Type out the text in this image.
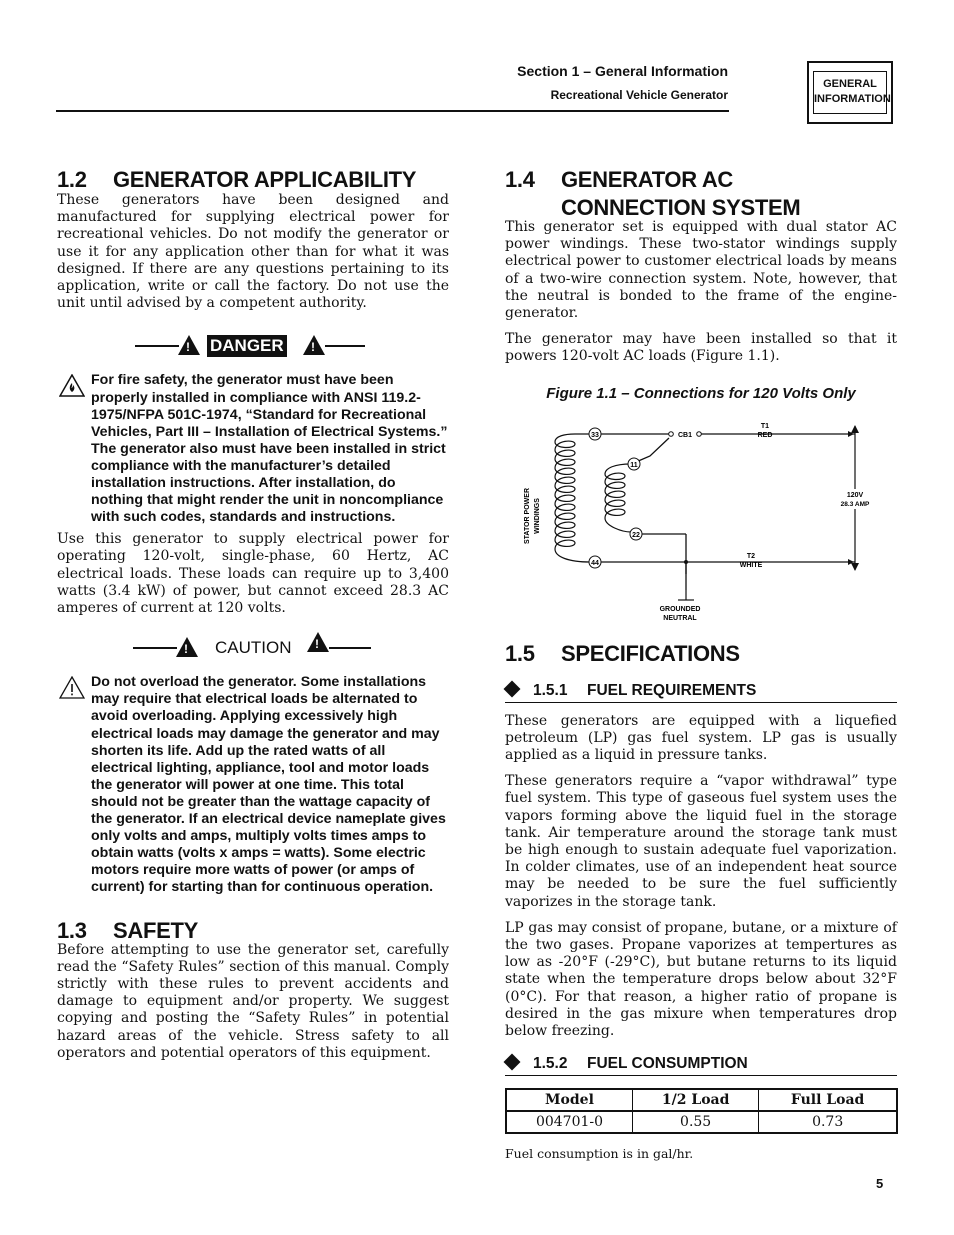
Section 1 – General Information
Recreational Vehicle Generator
GENERAL
INFORMATION
1.2 GENERATOR APPLICABILITY
These generators have been designed and manufactured for supplying electrical power for recreational vehicles. Do not modify the generator or use it for any application other than for what it was designed. If there are any questions pertaining to its application, write or call the factory. Do not use the unit until advised by a competent authority.
! DANGER !
For fire safety, the generator must have been properly installed in compliance with ANSI 119.2-1975/NFPA 501C-1974, “Standard for Recreational Vehicles, Part III – Installation of Electrical Systems.” The generator also must have been installed in strict compliance with the manufacturer’s detailed installation instructions. After installation, do nothing that might render the unit in noncompliance with such codes, standards and instructions.
Use this generator to supply electrical power for operating 120-volt, single-phase, 60 Hertz, AC electrical loads. These loads can require up to 3,400 watts (3.4 kW) of power, but cannot exceed 28.3 AC amperes of current at 120 volts.
! CAUTION !
Do not overload the generator. Some installations may require that electrical loads be alternated to avoid overloading. Applying excessively high electrical loads may damage the generator and may shorten its life. Add up the rated watts of all electrical lighting, appliance, tool and motor loads the generator will power at one time. This total should not be greater than the wattage capacity of the generator. If an electrical device nameplate gives only volts and amps, multiply volts times amps to obtain watts (volts x amps = watts). Some electric motors require more watts of power (or amps of current) for starting than for continuous operation.
1.3 SAFETY
Before attempting to use the generator set, carefully read the “Safety Rules” section of this manual. Comply strictly with these rules to prevent accidents and damage to equipment and/or property. We suggest copying and posting the “Safety Rules” in potential hazard areas of the vehicle. Stress safety to all operators and potential operators of this equipment.
1.4 GENERATOR AC
CONNECTION SYSTEM
This generator set is equipped with dual stator AC power windings. These two-stator windings supply electrical power to customer electrical loads by means of a two-wire connection system. Note, however, that the neutral is bonded to the frame of the engine-generator.
The generator may have been installed so that it powers 120-volt AC loads (Figure 1.1).
Figure 1.1 – Connections for 120 Volts Only
STATOR POWER WINDINGS
33
11
22
44
CB1
T1
RED
T2
WHITE
120V
28.3 AMP
GROUNDED
NEUTRAL
1.5 SPECIFICATIONS
1.5.1 FUEL REQUIREMENTS
These generators are equipped with a liquefied petroleum (LP) gas fuel system. LP gas is usually applied as a liquid in pressure tanks.
These generators require a “vapor withdrawal” type fuel system. This type of gaseous fuel system uses the vapors forming above the liquid fuel in the storage tank. Air temperature around the storage tank must be high enough to sustain adequate fuel vaporization. In colder climates, use of an independent heat source may be needed to be sure the fuel sufficiently vaporizes in the storage tank.
LP gas may consist of propane, butane, or a mixture of the two gases. Propane vaporizes at tempertures as low as -20°F (-29°C), but butane returns to its liquid state when the temperature drops below about 32°F (0°C). For that reason, a higher ratio of propane is desired in the gas mixure when temperatures drop below freezing.
1.5.2 FUEL CONSUMPTION
Model	1/2 Load	Full Load
004701-0	0.55	0.73
Fuel consumption is in gal/hr.
5
